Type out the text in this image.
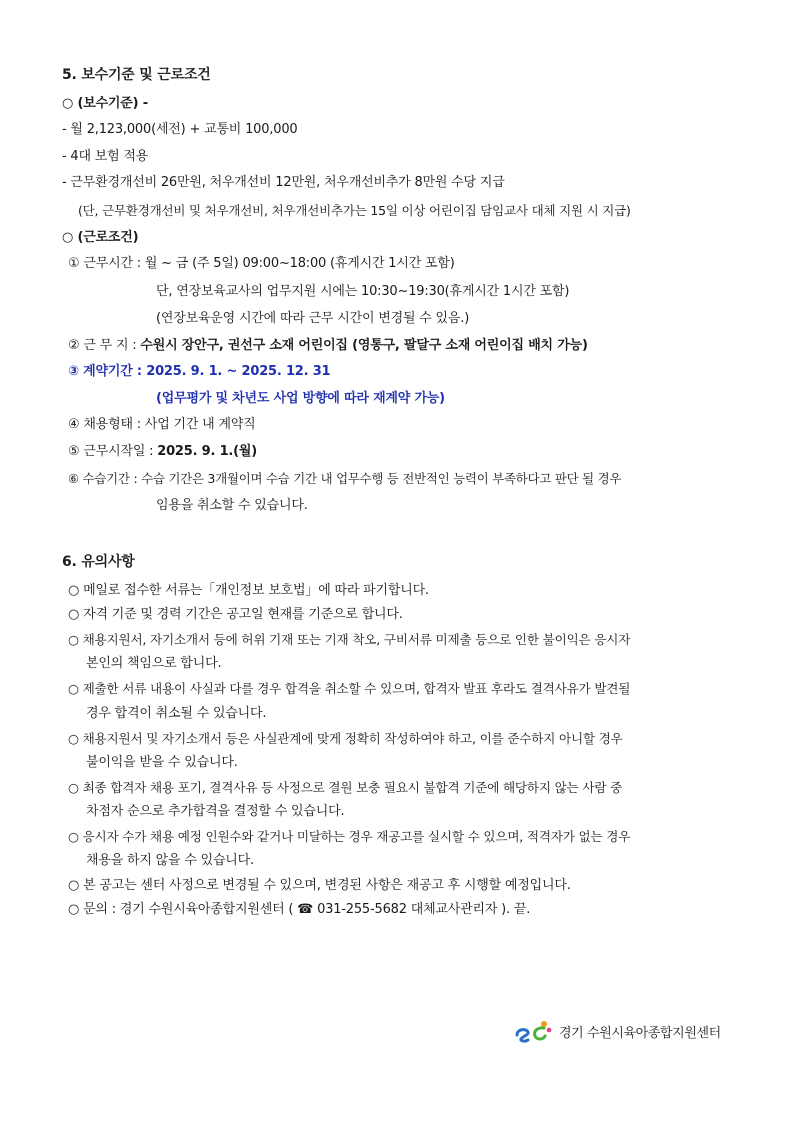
5. 보수기준 및 근로조건
○ (보수기준) -
- 월 2,123,000(세전) + 교통비 100,000
- 4대 보험 적용
- 근무환경개선비 26만원, 처우개선비 12만원, 처우개선비추가 8만원 수당 지급
(단, 근무환경개선비 및 처우개선비, 처우개선비추가는 15일 이상 어린이집 담임교사 대체 지원 시 지급)
○ (근로조건)
① 근무시간 : 월 ~ 금 (주 5일) 09:00~18:00 (휴게시간 1시간 포함)
단, 연장보육교사의 업무지원 시에는 10:30~19:30(휴게시간 1시간 포함)
(연장보육운영 시간에 따라 근무 시간이 변경될 수 있음.)
② 근 무 지 : 수원시 장안구, 권선구 소재 어린이집 (영통구, 팔달구 소재 어린이집 배치 가능)
③ 계약기간 : 2025. 9. 1. ~ 2025. 12. 31
(업무평가 및 차년도 사업 방향에 따라 재계약 가능)
④ 채용형태 : 사업 기간 내 계약직
⑤ 근무시작일 : 2025. 9. 1.(월)
⑥ 수습기간 : 수습 기간은 3개월이며 수습 기간 내 업무수행 등 전반적인 능력이 부족하다고 판단 될 경우
임용을 취소할 수 있습니다.
6. 유의사항
○ 메일로 접수한 서류는「개인정보 보호법」에 따라 파기합니다.
○ 자격 기준 및 경력 기간은 공고일 현재를 기준으로 합니다.
○ 채용지원서, 자기소개서 등에 허위 기재 또는 기재 착오, 구비서류 미제출 등으로 인한 불이익은 응시자
본인의 책임으로 합니다.
○ 제출한 서류 내용이 사실과 다를 경우 합격을 취소할 수 있으며, 합격자 발표 후라도 결격사유가 발견될
경우 합격이 취소될 수 있습니다.
○ 채용지원서 및 자기소개서 등은 사실관계에 맞게 정확히 작성하여야 하고, 이를 준수하지 아니할 경우
불이익을 받을 수 있습니다.
○ 최종 합격자 채용 포기, 결격사유 등 사정으로 결원 보충 필요시 불합격 기준에 해당하지 않는 사람 중
차점자 순으로 추가합격을 결정할 수 있습니다.
○ 응시자 수가 채용 예정 인원수와 같거나 미달하는 경우 재공고를 실시할 수 있으며, 적격자가 없는 경우
채용을 하지 않을 수 있습니다.
○ 본 공고는 센터 사정으로 변경될 수 있으며, 변경된 사항은 재공고 후 시행할 예정입니다.
○ 문의 : 경기 수원시육아종합지원센터 ( ☎ 031-255-5682 대체교사관리자 ). 끝.
경기 수원시육아종합지원센터
